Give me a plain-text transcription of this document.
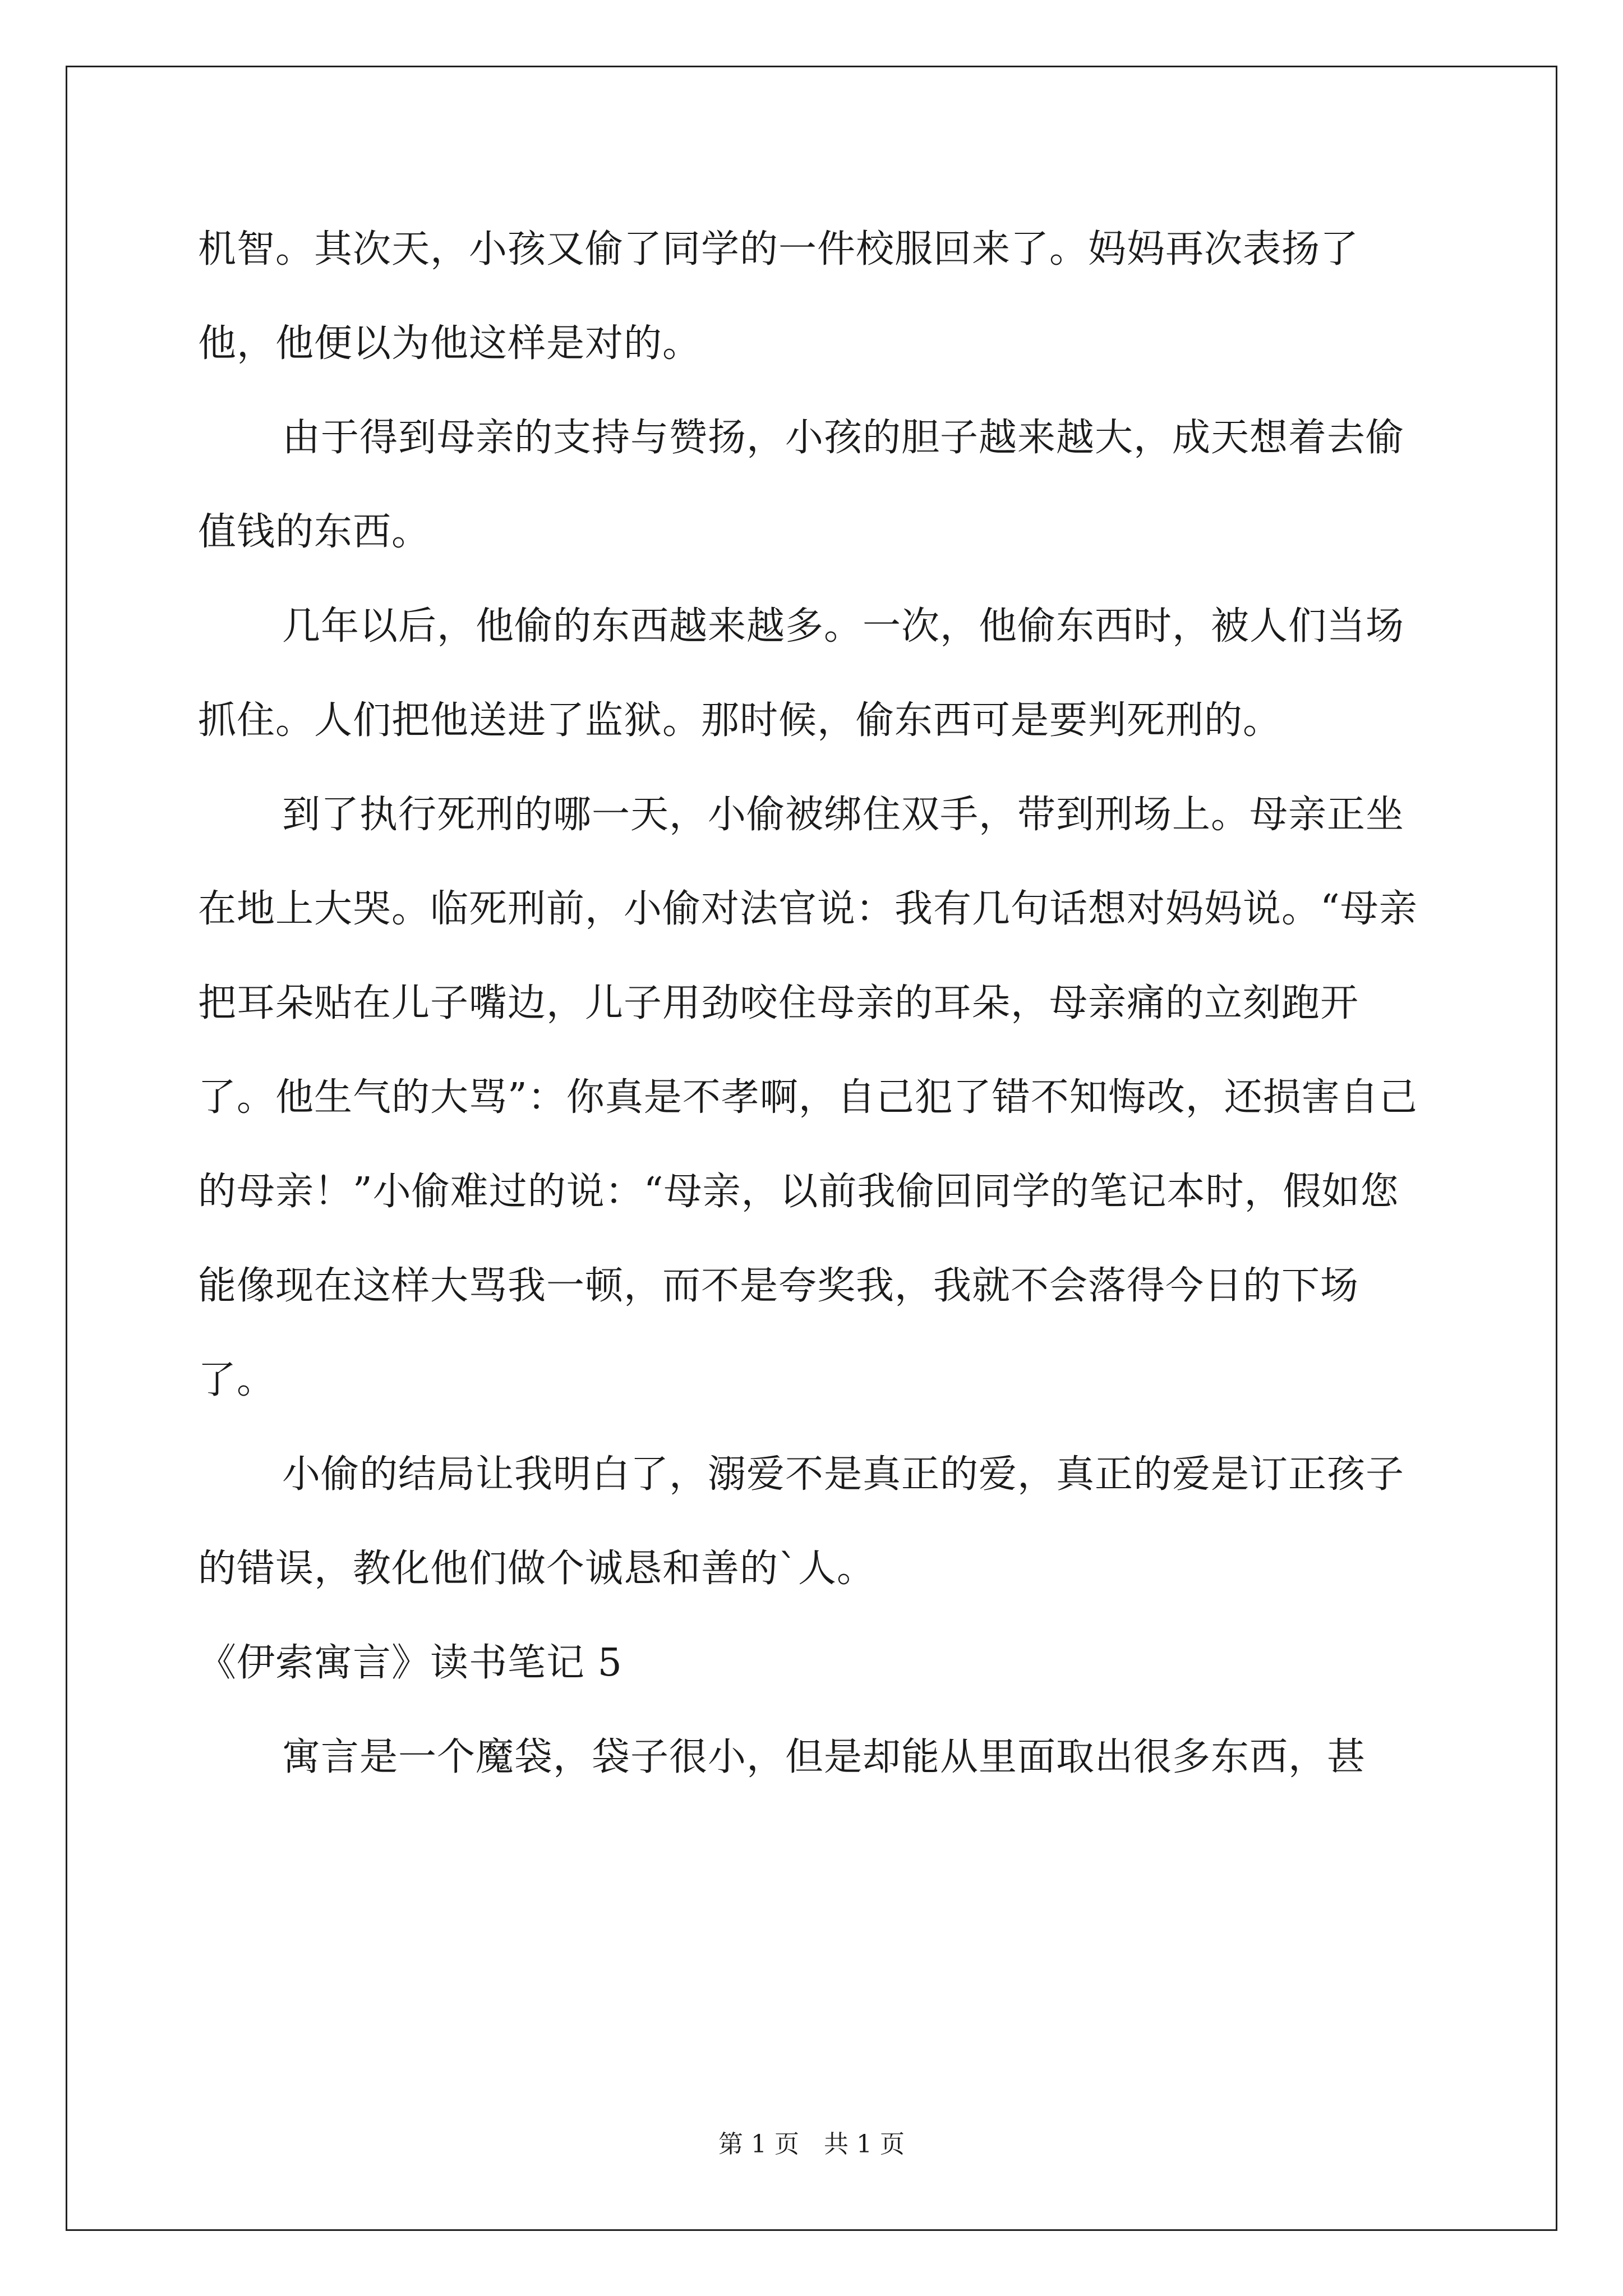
机智。其次天，小孩又偷了同学的一件校服回来了。妈妈再次表扬了他，他便以为他这样是对的。

由于得到母亲的支持与赞扬，小孩的胆子越来越大，成天想着去偷值钱的东西。

几年以后，他偷的东西越来越多。一次，他偷东西时，被人们当场抓住。人们把他送进了监狱。那时候，偷东西可是要判死刑的。

到了执行死刑的哪一天，小偷被绑住双手，带到刑场上。母亲正坐在地上大哭。临死刑前，小偷对法官说：我有几句话想对妈妈说。“母亲把耳朵贴在儿子嘴边，儿子用劲咬住母亲的耳朵，母亲痛的立刻跑开了。他生气的大骂”：你真是不孝啊，自己犯了错不知悔改，还损害自己的母亲！”小偷难过的说：“母亲，以前我偷回同学的笔记本时，假如您能像现在这样大骂我一顿，而不是夸奖我，我就不会落得今日的下场了。

小偷的结局让我明白了，溺爱不是真正的爱，真正的爱是订正孩子的错误，教化他们做个诚恳和善的`人。

《伊索寓言》读书笔记 5

寓言是一个魔袋，袋子很小，但是却能从里面取出很多东西，甚

第 1 页　共 1 页
